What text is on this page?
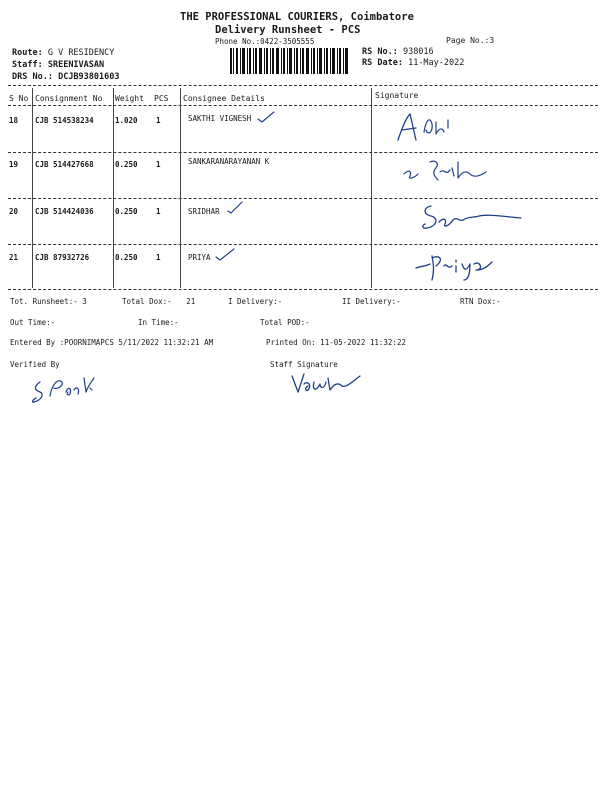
THE PROFESSIONAL COURIERS, Coimbatore
Delivery Runsheet - PCS
Phone No.:0422-3505555	Page No.:3
Route: G V RESIDENCY
Staff: SREENIVASAN
DRS No.: DCJB93801603
RS No.: 938016
RS Date: 11-May-2022
S No Consignment No Weight PCS Consignee Details	Signature
18 CJB 514538234	1.020 1	SAKTHI VIGNESH
19 CJB 514427668	0.250 1	SANKARANARAYANAN K
20 CJB 514424036	0.250 1	SRIDHAR
21 CJB 87932726	0.250 1	PRIYA
Tot. Runsheet:- 3	Total Dox:- 21	I Delivery:-	II Delivery:-	RTN Dox:-
Out Time:-	In Time:-	Total POD:-
Entered By :POORNIMAPCS 5/11/2022 11:32:21 AM	Printed On: 11-05-2022 11:32:22
Verified By	Staff Signature
